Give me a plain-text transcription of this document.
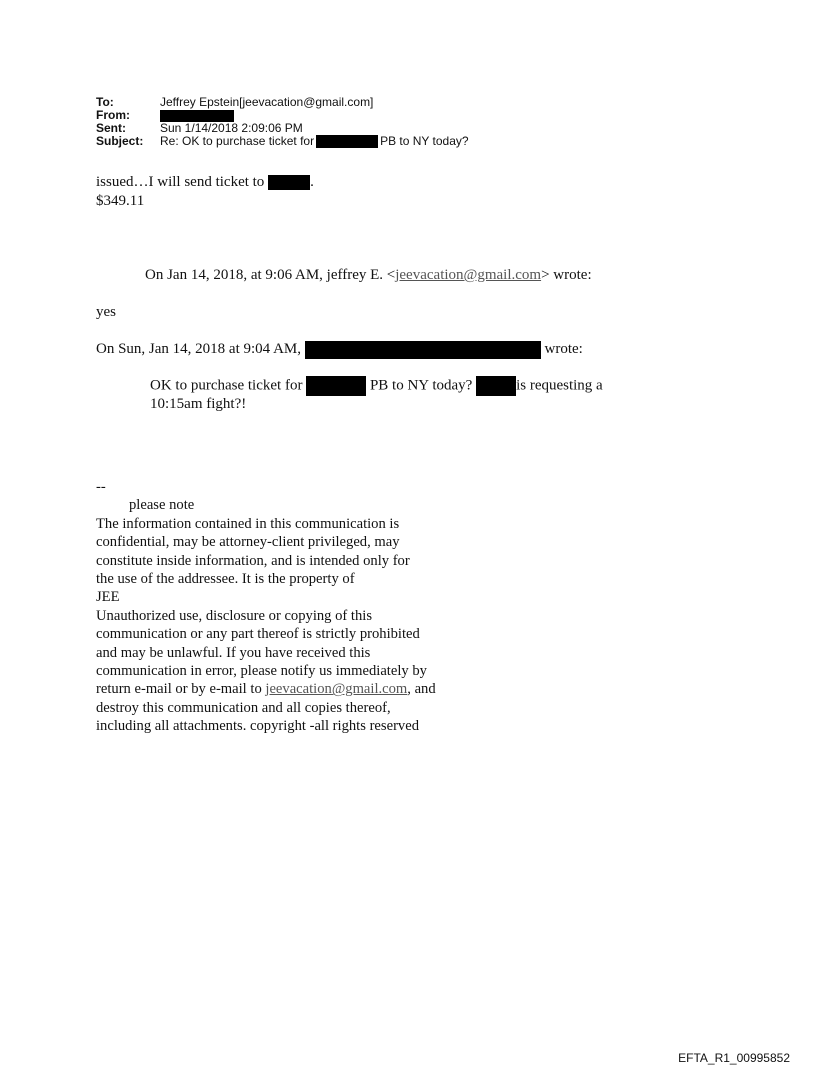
To:	Jeffrey Epstein[jeevacation@gmail.com]
From:
Sent:	Sun 1/14/2018 2:09:06 PM
Subject:	Re: OK to purchase ticket for	PB to NY today?
issued…I will send ticket to	.
$349.11
On Jan 14, 2018, at 9:06 AM, jeffrey E. <jeevacation@gmail.com> wrote:
yes
On Sun, Jan 14, 2018 at 9:04 AM,	wrote:
OK to purchase ticket for	PB to NY today?	is requesting a
10:15am fight?!
--
please note
The information contained in this communication is
confidential, may be attorney-client privileged, may
constitute inside information, and is intended only for
the use of the addressee. It is the property of
JEE
Unauthorized use, disclosure or copying of this
communication or any part thereof is strictly prohibited
and may be unlawful. If you have received this
communication in error, please notify us immediately by
return e-mail or by e-mail to jeevacation@gmail.com, and
destroy this communication and all copies thereof,
including all attachments. copyright -all rights reserved
EFTA_R1_00995852
